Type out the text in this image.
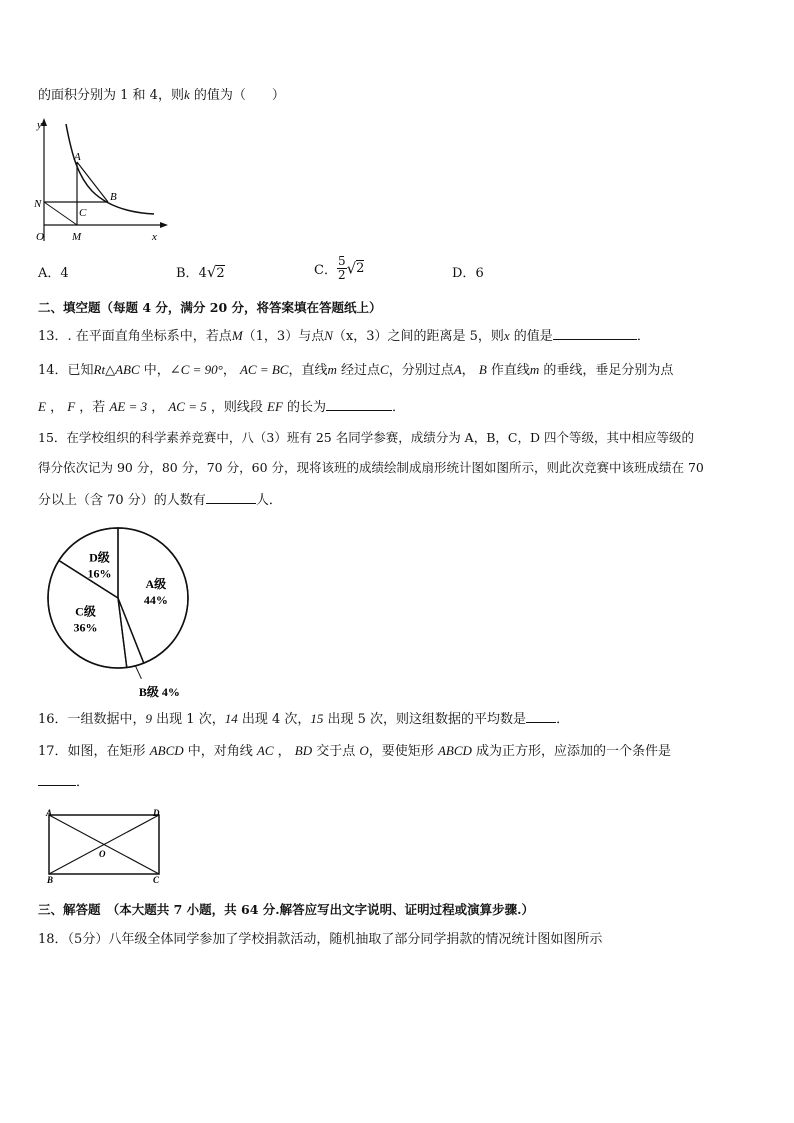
的面积分别为 1 和 4，则k 的值为（　　）
y
A
B
N
C
O	M	x
A．4	B．4√2	C． $\frac{5}{2} √2$	D．6
二、填空题（每题 4 分，满分 20 分，将答案填在答题纸上）
13．. 在平面直角坐标系中，若点M（1，3）与点N（x，3）之间的距离是 5，则x 的值是	．
14．已知Rt△ABC 中，∠C = 90°， AC = BC，直线m 经过点C，分别过点A， B 作直线m 的垂线，垂足分别为点
E ， F ，若 AE = 3 ， AC = 5 ，则线段 EF 的长为	．
15．在学校组织的科学素养竞赛中，八（3）班有 25 名同学参赛，成绩分为 A，B，C，D 四个等级，其中相应等级的
得分依次记为 90 分，80 分，70 分，60 分，现将该班的成绩绘制成扇形统计图如图所示，则此次竞赛中该班成绩在 70
分以上（含 70 分）的人数有	人．
A级
44%
B级 4%
C级
36%
D级
16%
16．一组数据中，9 出现 1 次，14 出现 4 次，15 出现 5 次，则这组数据的平均数是 ．
17．如图，在矩形 ABCD 中，对角线 AC ， BD 交于点 O，要使矩形 ABCD 成为正方形，应添加的一个条件是
．
A	D
O
B	C
三、解答题　（本大题共 7 小题，共 64 分.解答应写出文字说明、证明过程或演算步骤.）
18．（5分）八年级全体同学参加了学校捐款活动，随机抽取了部分同学捐款的情况统计图如图所示
